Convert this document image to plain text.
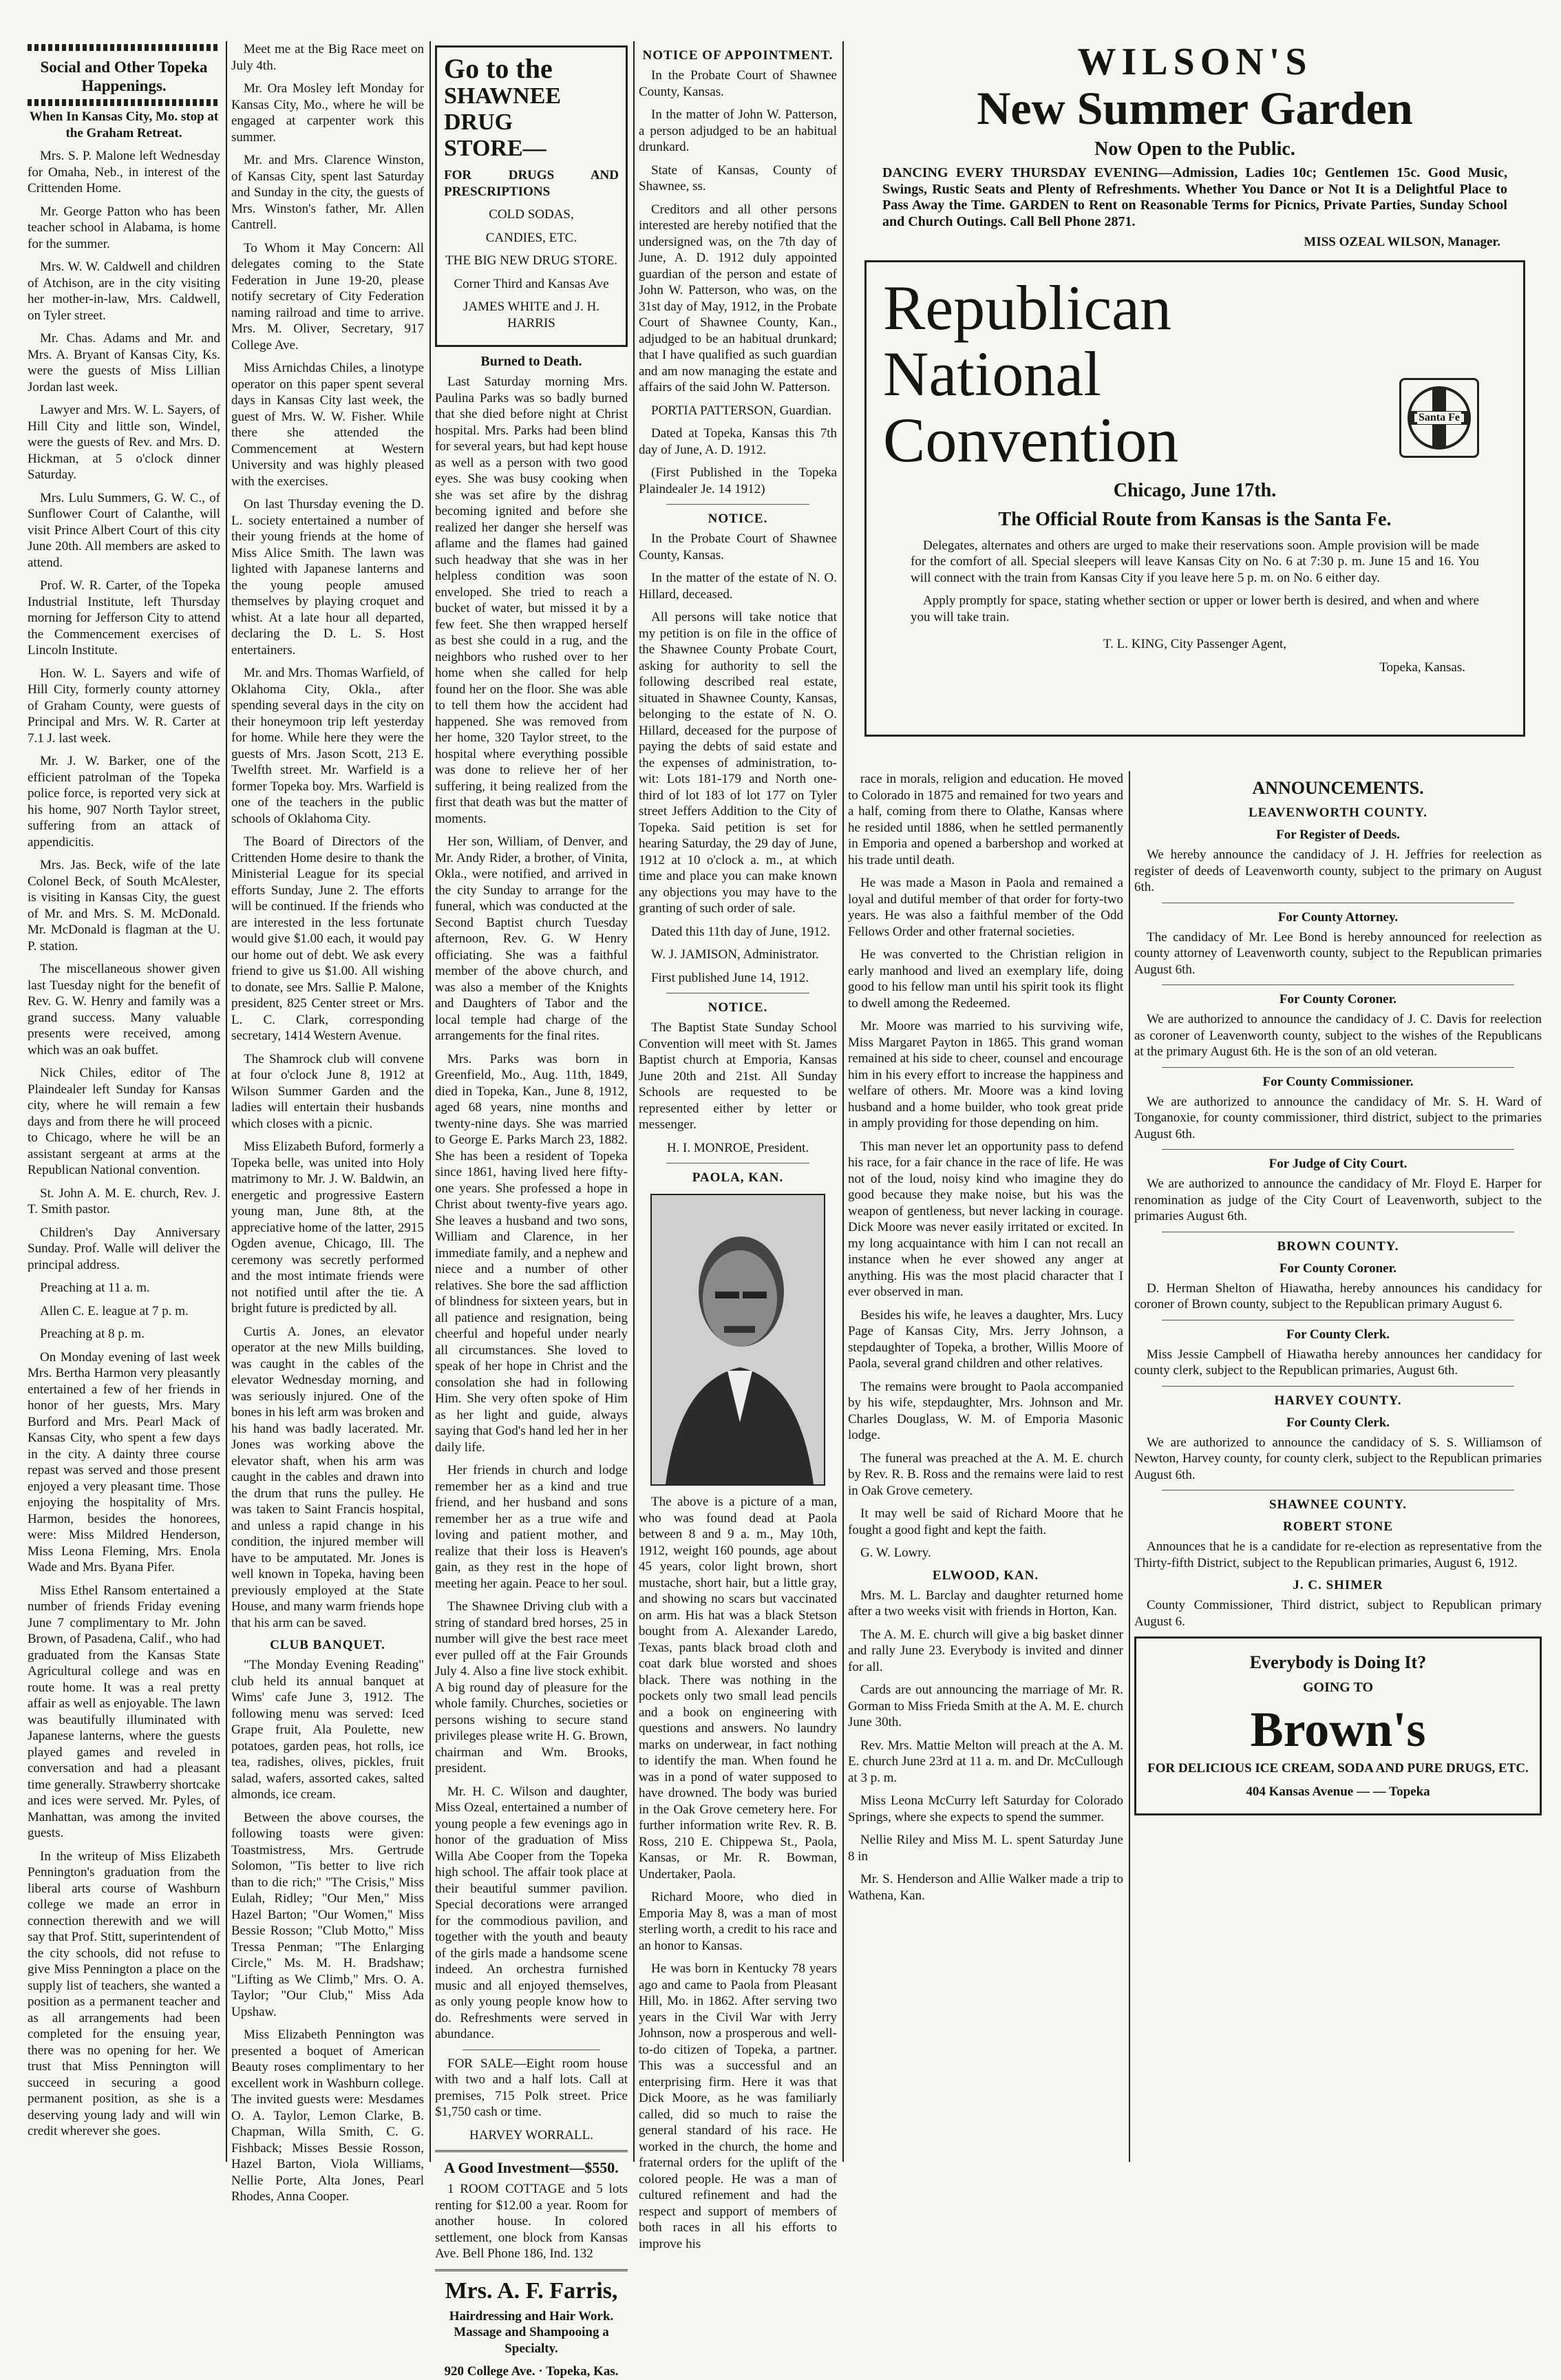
Social and Other Topeka Happenings.

When In Kansas City, Mo. stop at the Graham Retreat.

Mrs. S. P. Malone left Wednesday for Omaha, Neb., in interest of the Crittenden Home.

Mr. George Patton who has been teacher school in Alabama, is home for the summer.

Mrs. W. W. Caldwell and children of Atchison, are in the city visiting her mother-in-law, Mrs. Caldwell, on Tyler street.

Mr. Chas. Adams and Mr. and Mrs. A. Bryant of Kansas City, Ks. were the guests of Miss Lillian Jordan last week.

Lawyer and Mrs. W. L. Sayers, of Hill City and little son, Windel, were the guests of Rev. and Mrs. D. Hickman, at 5 o'clock dinner Saturday.

Mrs. Lulu Summers, G. W. C., of Sunflower Court of Calanthe, will visit Prince Albert Court of this city June 20th. All members are asked to attend.

Prof. W. R. Carter, of the Topeka Industrial Institute, left Thursday morning for Jefferson City to attend the Commencement exercises of Lincoln Institute.

Hon. W. L. Sayers and wife of Hill City, formerly county attorney of Graham County, were guests of Principal and Mrs. W. R. Carter at 7.1 J. last week.

Mr. J. W. Barker, one of the efficient patrolman of the Topeka police force, is reported very sick at his home, 907 North Taylor street, suffering from an attack of appendicitis.

Mrs. Jas. Beck, wife of the late Colonel Beck, of South McAlester, is visiting in Kansas City, the guest of Mr. and Mrs. S. M. McDonald. Mr. McDonald is flagman at the U. P. station.

The miscellaneous shower given last Tuesday night for the benefit of Rev. G. W. Henry and family was a grand success. Many valuable presents were received, among which was an oak buffet.

Nick Chiles, editor of The Plaindealer left Sunday for Kansas city, where he will remain a few days and from there he will proceed to Chicago, where he will be an assistant sergeant at arms at the Republican National convention.

St. John A. M. E. church, Rev. J. T. Smith pastor.

Children's Day Anniversary Sunday. Prof. Walle will deliver the principal address.

Preaching at 11 a. m.

Allen C. E. league at 7 p. m.

Preaching at 8 p. m.

On Monday evening of last week Mrs. Bertha Harmon very pleasantly entertained a few of her friends in honor of her guests, Mrs. Mary Burford and Mrs. Pearl Mack of Kansas City, who spent a few days in the city. A dainty three course repast was served and those present enjoyed a very pleasant time. Those enjoying the hospitality of Mrs. Harmon, besides the honorees, were: Miss Mildred Henderson, Miss Leona Fleming, Mrs. Enola Wade and Mrs. Byana Pifer.

Miss Ethel Ransom entertained a number of friends Friday evening June 7 complimentary to Mr. John Brown, of Pasadena, Calif., who had graduated from the Kansas State Agricultural college and was en route home. It was a real pretty affair as well as enjoyable. The lawn was beautifully illuminated with Japanese lanterns, where the guests played games and reveled in conversation and had a pleasant time generally. Strawberry shortcake and ices were served. Mr. Pyles, of Manhattan, was among the invited guests.

In the writeup of Miss Elizabeth Pennington's graduation from the liberal arts course of Washburn college we made an error in connection therewith and we will say that Prof. Stitt, superintendent of the city schools, did not refuse to give Miss Pennington a place on the supply list of teachers, she wanted a position as a permanent teacher and as all arrangements had been completed for the ensuing year, there was no opening for her. We trust that Miss Pennington will succeed in securing a good permanent position, as she is a deserving young lady and will win credit wherever she goes.

Meet me at the Big Race meet on July 4th.

Mr. Ora Mosley left Monday for Kansas City, Mo., where he will be engaged at carpenter work this summer.

Mr. and Mrs. Clarence Winston, of Kansas City, spent last Saturday and Sunday in the city, the guests of Mrs. Winston's father, Mr. Allen Cantrell.

To Whom it May Concern: All delegates coming to the State Federation in June 19-20, please notify secretary of City Federation naming railroad and time to arrive. Mrs. M. Oliver, Secretary, 917 College Ave.

Miss Arnichdas Chiles, a linotype operator on this paper spent several days in Kansas City last week, the guest of Mrs. W. W. Fisher. While there she attended the Commencement at Western University and was highly pleased with the exercises.

On last Thursday evening the D. L. society entertained a number of their young friends at the home of Miss Alice Smith. The lawn was lighted with Japanese lanterns and the young people amused themselves by playing croquet and whist. At a late hour all departed, declaring the D. L. S. Host entertainers.

Mr. and Mrs. Thomas Warfield, of Oklahoma City, Okla., after spending several days in the city on their honeymoon trip left yesterday for home. While here they were the guests of Mrs. Jason Scott, 213 E. Twelfth street. Mr. Warfield is a former Topeka boy. Mrs. Warfield is one of the teachers in the public schools of Oklahoma City.

The Board of Directors of the Crittenden Home desire to thank the Ministerial League for its special efforts Sunday, June 2. The efforts will be continued. If the friends who are interested in the less fortunate would give $1.00 each, it would pay our home out of debt. We ask every friend to give us $1.00. All wishing to donate, see Mrs. Sallie P. Malone, president, 825 Center street or Mrs. L. C. Clark, corresponding secretary, 1414 Western Avenue.

The Shamrock club will convene at four o'clock June 8, 1912 at Wilson Summer Garden and the ladies will entertain their husbands which closes with a picnic.

Miss Elizabeth Buford, formerly a Topeka belle, was united into Holy matrimony to Mr. J. W. Baldwin, an energetic and progressive Eastern young man, June 8th, at the appreciative home of the latter, 2915 Ogden avenue, Chicago, Ill. The ceremony was secretly performed and the most intimate friends were not notified until after the tie. A bright future is predicted by all.

Curtis A. Jones, an elevator operator at the new Mills building, was caught in the cables of the elevator Wednesday morning, and was seriously injured. One of the bones in his left arm was broken and his hand was badly lacerated. Mr. Jones was working above the elevator shaft, when his arm was caught in the cables and drawn into the drum that runs the pulley. He was taken to Saint Francis hospital, and unless a rapid change in his condition, the injured member will have to be amputated. Mr. Jones is well known in Topeka, having been previously employed at the State House, and many warm friends hope that his arm can be saved.

CLUB BANQUET.

"The Monday Evening Reading" club held its annual banquet at Wims' cafe June 3, 1912. The following menu was served: Iced Grape fruit, Ala Poulette, new potatoes, garden peas, hot rolls, ice tea, radishes, olives, pickles, fruit salad, wafers, assorted cakes, salted almonds, ice cream.

Between the above courses, the following toasts were given: Toastmistress, Mrs. Gertrude Solomon, "Tis better to live rich than to die rich;" "The Crisis," Miss Eulah, Ridley; "Our Men," Miss Hazel Barton; "Our Women," Miss Bessie Rosson; "Club Motto," Miss Tressa Penman; "The Enlarging Circle," Ms. M. H. Bradshaw; "Lifting as We Climb," Mrs. O. A. Taylor; "Our Club," Miss Ada Upshaw.

Miss Elizabeth Pennington was presented a boquet of American Beauty roses complimentary to her excellent work in Washburn college. The invited guests were: Mesdames O. A. Taylor, Lemon Clarke, B. Chapman, Willa Smith, C. G. Fishback; Misses Bessie Rosson, Hazel Barton, Viola Williams, Nellie Porte, Alta Jones, Pearl Rhodes, Anna Cooper.

Go to the
SHAWNEE DRUG
STORE—

FOR DRUGS AND PRESCRIPTIONS

COLD SODAS,

CANDIES, ETC.

THE BIG NEW DRUG STORE.

Corner Third and Kansas Ave

JAMES WHITE and J. H. HARRIS

Burned to Death.

Last Saturday morning Mrs. Paulina Parks was so badly burned that she died before night at Christ hospital. Mrs. Parks had been blind for several years, but had kept house as well as a person with two good eyes. She was busy cooking when she was set afire by the dishrag becoming ignited and before she realized her danger she herself was aflame and the flames had gained such headway that she was in her helpless condition was soon enveloped. She tried to reach a bucket of water, but missed it by a few feet. She then wrapped herself as best she could in a rug, and the neighbors who rushed over to her home when she called for help found her on the floor. She was able to tell them how the accident had happened. She was removed from her home, 320 Taylor street, to the hospital where everything possible was done to relieve her of her suffering, it being realized from the first that death was but the matter of moments.

Her son, William, of Denver, and Mr. Andy Rider, a brother, of Vinita, Okla., were notified, and arrived in the city Sunday to arrange for the funeral, which was conducted at the Second Baptist church Tuesday afternoon, Rev. G. W Henry officiating. She was a faithful member of the above church, and was also a member of the Knights and Daughters of Tabor and the local temple had charge of the arrangements for the final rites.

Mrs. Parks was born in Greenfield, Mo., Aug. 11th, 1849, died in Topeka, Kan., June 8, 1912, aged 68 years, nine months and twenty-nine days. She was married to George E. Parks March 23, 1882. She has been a resident of Topeka since 1861, having lived here fifty-one years. She professed a hope in Christ about twenty-five years ago. She leaves a husband and two sons, William and Clarence, in her immediate family, and a nephew and niece and a number of other relatives. She bore the sad affliction of blindness for sixteen years, but in all patience and resignation, being cheerful and hopeful under nearly all circumstances. She loved to speak of her hope in Christ and the consolation she had in following Him. She very often spoke of Him as her light and guide, always saying that God's hand led her in her daily life.

Her friends in church and lodge remember her as a kind and true friend, and her husband and sons remember her as a true wife and loving and patient mother, and realize that their loss is Heaven's gain, as they rest in the hope of meeting her again. Peace to her soul.

The Shawnee Driving club with a string of standard bred horses, 25 in number will give the best race meet ever pulled off at the Fair Grounds July 4. Also a fine live stock exhibit. A big round day of pleasure for the whole family. Churches, societies or persons wishing to secure stand privileges please write H. G. Brown, chairman and Wm. Brooks, president.

Mr. H. C. Wilson and daughter, Miss Ozeal, entertained a number of young people a few evenings ago in honor of the graduation of Miss Willa Abe Cooper from the Topeka high school. The affair took place at their beautiful summer pavilion. Special decorations were arranged for the commodious pavilion, and together with the youth and beauty of the girls made a handsome scene indeed. An orchestra furnished music and all enjoyed themselves, as only young people know how to do. Refreshments were served in abundance.

FOR SALE—Eight room house with two and a half lots. Call at premises, 715 Polk street. Price $1,750 cash or time.

HARVEY WORRALL.

A Good Investment—$550.

1 ROOM COTTAGE and 5 lots renting for $12.00 a year. Room for another house. In colored settlement, one block from Kansas Ave. Bell Phone 186, Ind. 132

Mrs. A. F. Farris,

Hairdressing and Hair Work. Massage and Shampooing a Specialty.

920 College Ave. · Topeka, Kas.

NOTICE OF APPOINTMENT.

In the Probate Court of Shawnee County, Kansas.

In the matter of John W. Patterson, a person adjudged to be an habitual drunkard.

State of Kansas, County of Shawnee, ss.

Creditors and all other persons interested are hereby notified that the undersigned was, on the 7th day of June, A. D. 1912 duly appointed guardian of the person and estate of John W. Patterson, who was, on the 31st day of May, 1912, in the Probate Court of Shawnee County, Kan., adjudged to be an habitual drunkard; that I have qualified as such guardian and am now managing the estate and affairs of the said John W. Patterson.

PORTIA PATTERSON, Guardian.

Dated at Topeka, Kansas this 7th day of June, A. D. 1912.

(First Published in the Topeka Plaindealer Je. 14 1912)

NOTICE.

In the Probate Court of Shawnee County, Kansas.

In the matter of the estate of N. O. Hillard, deceased.

All persons will take notice that my petition is on file in the office of the Shawnee County Probate Court, asking for authority to sell the following described real estate, situated in Shawnee County, Kansas, belonging to the estate of N. O. Hillard, deceased for the purpose of paying the debts of said estate and the expenses of administration, to-wit: Lots 181-179 and North one-third of lot 183 of lot 177 on Tyler street Jeffers Addition to the City of Topeka. Said petition is set for hearing Saturday, the 29 day of June, 1912 at 10 o'clock a. m., at which time and place you can make known any objections you may have to the granting of such order of sale.

Dated this 11th day of June, 1912.

W. J. JAMISON, Administrator.

First published June 14, 1912.

NOTICE.

The Baptist State Sunday School Convention will meet with St. James Baptist church at Emporia, Kansas June 20th and 21st. All Sunday Schools are requested to be represented either by letter or messenger.

H. I. MONROE, President.

PAOLA, KAN.

The above is a picture of a man, who was found dead at Paola between 8 and 9 a. m., May 10th, 1912, weight 160 pounds, age about 45 years, color light brown, short mustache, short hair, but a little gray, and showing no scars but vaccinated on arm. His hat was a black Stetson bought from A. Alexander Laredo, Texas, pants black broad cloth and coat dark blue worsted and shoes black. There was nothing in the pockets only two small lead pencils and a book on engineering with questions and answers. No laundry marks on underwear, in fact nothing to identify the man. When found he was in a pond of water supposed to have drowned. The body was buried in the Oak Grove cemetery here. For further information write Rev. R. B. Ross, 210 E. Chippewa St., Paola, Kansas, or Mr. R. Bowman, Undertaker, Paola.

Richard Moore, who died in Emporia May 8, was a man of most sterling worth, a credit to his race and an honor to Kansas.

He was born in Kentucky 78 years ago and came to Paola from Pleasant Hill, Mo. in 1862. After serving two years in the Civil War with Jerry Johnson, now a prosperous and well-to-do citizen of Topeka, a partner. This was a successful and an enterprising firm. Here it was that Dick Moore, as he was familiarly called, did so much to raise the general standard of his race. He worked in the church, the home and fraternal orders for the uplift of the colored people. He was a man of cultured refinement and had the respect and support of members of both races in all his efforts to improve his

WILSON'S
New Summer Garden
Now Open to the Public.

DANCING EVERY THURSDAY EVENING—Admission, Ladies 10c; Gentlemen 15c. Good Music, Swings, Rustic Seats and Plenty of Refreshments. Whether You Dance or Not It is a Delightful Place to Pass Away the Time. GARDEN to Rent on Reasonable Terms for Picnics, Private Parties, Sunday School and Church Outings. Call Bell Phone 2871.

MISS OZEAL WILSON, Manager.

Republican
National
Convention	Santa Fe
Chicago, June 17th.
The Official Route from Kansas is the Santa Fe.

Delegates, alternates and others are urged to make their reservations soon. Ample provision will be made for the comfort of all. Special sleepers will leave Kansas City on No. 6 at 7:30 p. m. June 15 and 16. You will connect with the train from Kansas City if you leave here 5 p. m. on No. 6 either day.

Apply promptly for space, stating whether section or upper or lower berth is desired, and when and where you will take train.

T. L. KING, City Passenger Agent,

Topeka, Kansas.

race in morals, religion and education. He moved to Colorado in 1875 and remained for two years and a half, coming from there to Olathe, Kansas where he resided until 1886, when he settled permanently in Emporia and opened a barbershop and worked at his trade until death.

He was made a Mason in Paola and remained a loyal and dutiful member of that order for forty-two years. He was also a faithful member of the Odd Fellows Order and other fraternal societies.

He was converted to the Christian religion in early manhood and lived an exemplary life, doing good to his fellow man until his spirit took its flight to dwell among the Redeemed.

Mr. Moore was married to his surviving wife, Miss Margaret Payton in 1865. This grand woman remained at his side to cheer, counsel and encourage him in his every effort to increase the happiness and welfare of others. Mr. Moore was a kind loving husband and a home builder, who took great pride in amply providing for those depending on him.

This man never let an opportunity pass to defend his race, for a fair chance in the race of life. He was not of the loud, noisy kind who imagine they do good because they make noise, but his was the weapon of gentleness, but never lacking in courage. Dick Moore was never easily irritated or excited. In my long acquaintance with him I can not recall an instance when he ever showed any anger at anything. His was the most placid character that I ever observed in man.

Besides his wife, he leaves a daughter, Mrs. Lucy Page of Kansas City, Mrs. Jerry Johnson, a stepdaughter of Topeka, a brother, Willis Moore of Paola, several grand children and other relatives.

The remains were brought to Paola accompanied by his wife, stepdaughter, Mrs. Johnson and Mr. Charles Douglass, W. M. of Emporia Masonic lodge.

The funeral was preached at the A. M. E. church by Rev. R. B. Ross and the remains were laid to rest in Oak Grove cemetery.

It may well be said of Richard Moore that he fought a good fight and kept the faith.

G. W. Lowry.

ELWOOD, KAN.

Mrs. M. L. Barclay and daughter returned home after a two weeks visit with friends in Horton, Kan.

The A. M. E. church will give a big basket dinner and rally June 23. Everybody is invited and dinner for all.

Cards are out announcing the marriage of Mr. R. Gorman to Miss Frieda Smith at the A. M. E. church June 30th.

Rev. Mrs. Mattie Melton will preach at the A. M. E. church June 23rd at 11 a. m. and Dr. McCullough at 3 p. m.

Miss Leona McCurry left Saturday for Colorado Springs, where she expects to spend the summer.

Nellie Riley and Miss M. L. spent Saturday June 8 in

Mr. S. Henderson and Allie Walker made a trip to Wathena, Kan.

ANNOUNCEMENTS.
LEAVENWORTH COUNTY.
For Register of Deeds.

We hereby announce the candidacy of J. H. Jeffries for reelection as register of deeds of Leavenworth county, subject to the primary on August 6th.

For County Attorney.

The candidacy of Mr. Lee Bond is hereby announced for reelection as county attorney of Leavenworth county, subject to the Republican primaries August 6th.

For County Coroner.

We are authorized to announce the candidacy of J. C. Davis for reelection as coroner of Leavenworth county, subject to the wishes of the Republicans at the primary August 6th. He is the son of an old veteran.

For County Commissioner.

We are authorized to announce the candidacy of Mr. S. H. Ward of Tonganoxie, for county commissioner, third district, subject to the primaries August 6th.

For Judge of City Court.

We are authorized to announce the candidacy of Mr. Floyd E. Harper for renomination as judge of the City Court of Leavenworth, subject to the primaries August 6th.

BROWN COUNTY.
For County Coroner.

D. Herman Shelton of Hiawatha, hereby announces his candidacy for coroner of Brown county, subject to the Republican primary August 6.

For County Clerk.

Miss Jessie Campbell of Hiawatha hereby announces her candidacy for county clerk, subject to the Republican primaries, August 6th.

HARVEY COUNTY.
For County Clerk.

We are authorized to announce the candidacy of S. S. Williamson of Newton, Harvey county, for county clerk, subject to the Republican primaries August 6th.

SHAWNEE COUNTY.
ROBERT STONE

Announces that he is a candidate for re-election as representative from the Thirty-fifth District, subject to the Republican primaries, August 6, 1912.

J. C. SHIMER

County Commissioner, Third district, subject to Republican primary August 6.

Everybody is Doing It?
GOING TO
Brown's

FOR DELICIOUS ICE CREAM, SODA AND PURE DRUGS, ETC.

404 Kansas Avenue — — Topeka
